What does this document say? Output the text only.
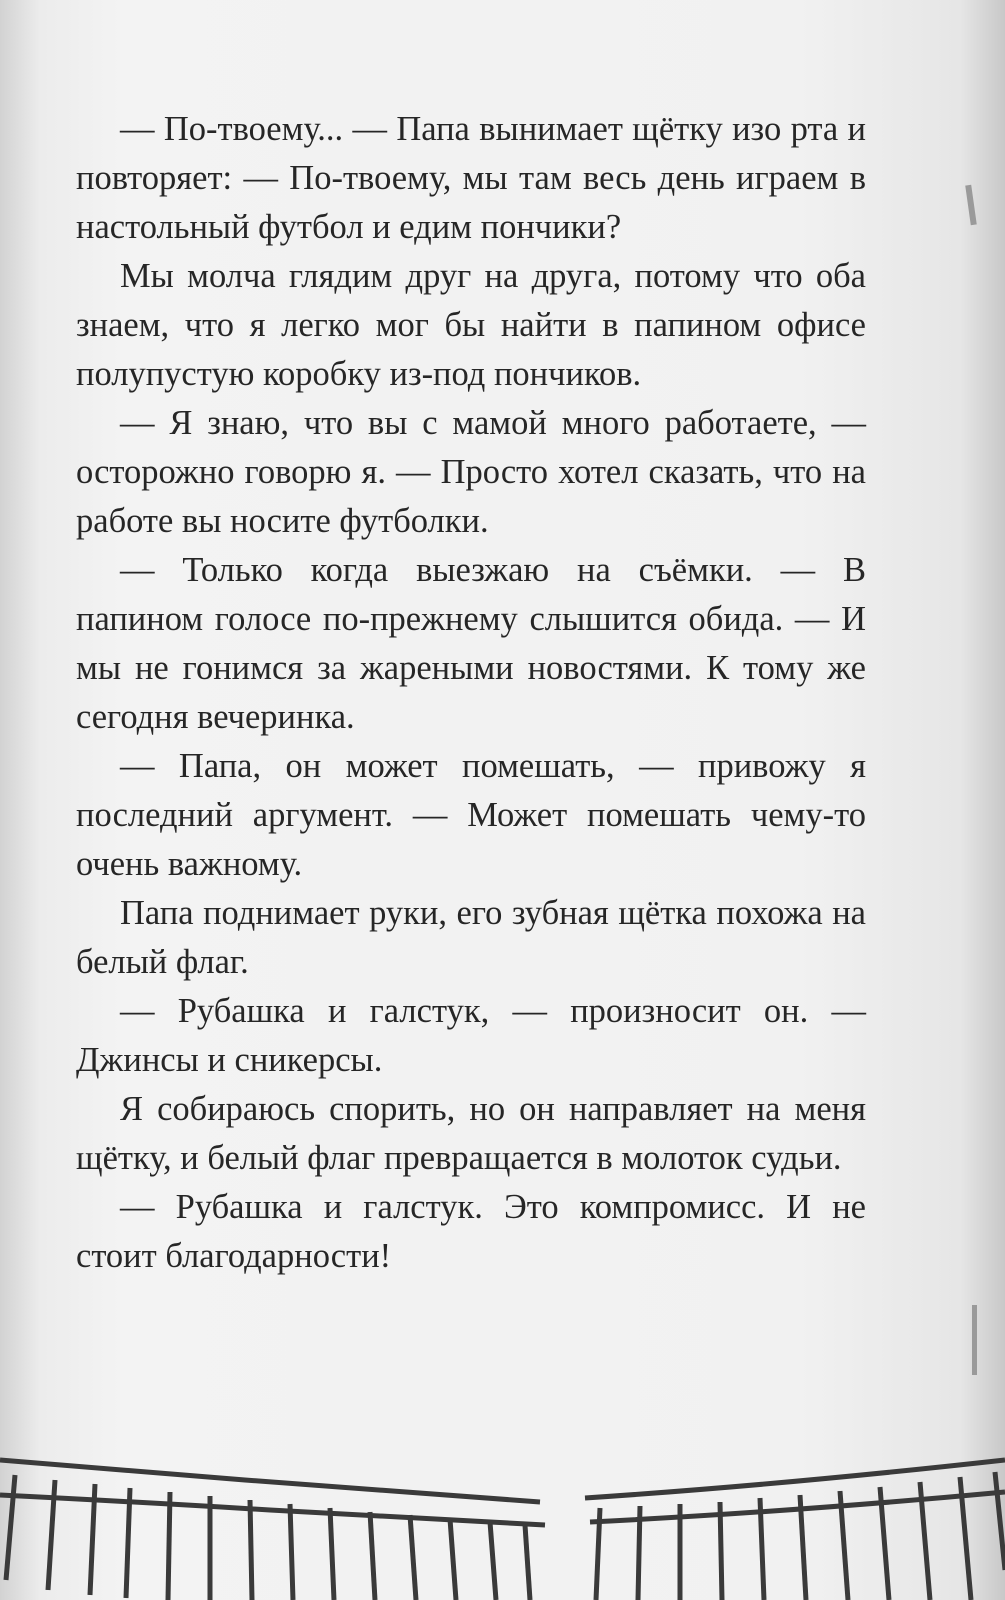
— По-твоему... — Папа вынимает щётку изо рта и повторяет: — По-твоему, мы там весь день играем в настольный футбол и едим пончики?

Мы молча глядим друг на друга, потому что оба знаем, что я легко мог бы найти в папином офисе полупустую коробку из-под пончиков.

— Я знаю, что вы с мамой много работаете, — осторожно говорю я. — Просто хотел сказать, что на работе вы носите футболки.

— Только когда выезжаю на съёмки. — В папином голосе по-прежнему слышится обида. — И мы не гонимся за жареными новостями. К тому же сегодня вечеринка.

— Папа, он может помешать, — привожу я последний аргумент. — Может помешать чему-то очень важному.

Папа поднимает руки, его зубная щётка похожа на белый флаг.

— Рубашка и галстук, — произносит он. — Джинсы и сникерсы.

Я собираюсь спорить, но он направляет на меня щётку, и белый флаг превращается в молоток судьи.

— Рубашка и галстук. Это компромисс. И не стоит благодарности!
